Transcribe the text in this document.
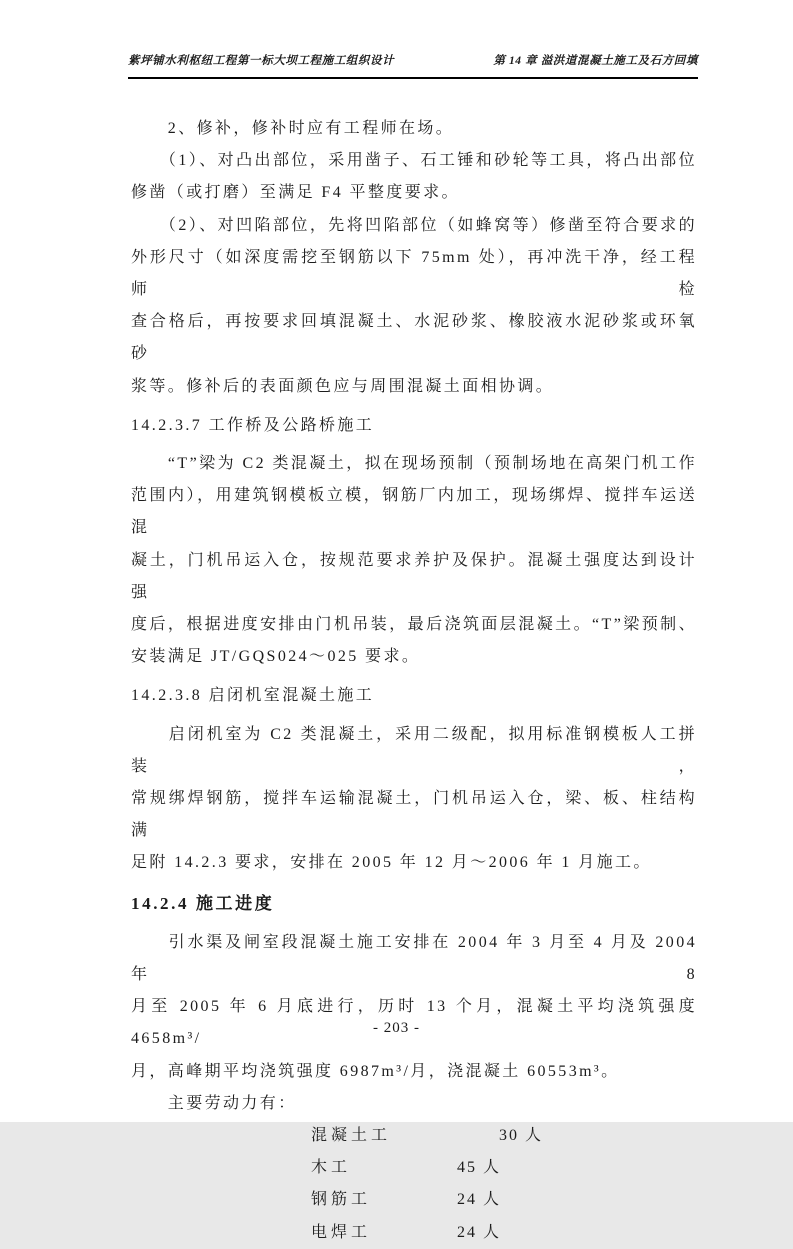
紫坪铺水利枢纽工程第一标大坝工程施工组织设计	第 14 章 溢洪道混凝土施工及石方回填
　　2、修补，修补时应有工程师在场。
　　（1）、对凸出部位，采用凿子、石工锤和砂轮等工具，将凸出部位
修凿（或打磨）至满足 F4 平整度要求。
　　（2）、对凹陷部位，先将凹陷部位（如蜂窝等）修凿至符合要求的
外形尺寸（如深度需挖至钢筋以下 75mm 处），再冲洗干净，经工程师检
查合格后，再按要求回填混凝土、水泥砂浆、橡胶液水泥砂浆或环氧砂
浆等。修补后的表面颜色应与周围混凝土面相协调。
14.2.3.7 工作桥及公路桥施工
　　“T”梁为 C2 类混凝土，拟在现场预制（预制场地在高架门机工作
范围内），用建筑钢模板立模，钢筋厂内加工，现场绑焊、搅拌车运送混
凝土，门机吊运入仓，按规范要求养护及保护。混凝土强度达到设计强
度后，根据进度安排由门机吊装，最后浇筑面层混凝土。“T”梁预制、
安装满足 JT/GQS024～025 要求。
14.2.3.8 启闭机室混凝土施工
　　启闭机室为 C2 类混凝土，采用二级配，拟用标准钢模板人工拼装，
常规绑焊钢筋，搅拌车运输混凝土，门机吊运入仓，梁、板、柱结构满
足附 14.2.3 要求，安排在 2005 年 12 月～2006 年 1 月施工。
14.2.4 施工进度
　　引水渠及闸室段混凝土施工安排在 2004 年 3 月至 4 月及 2004 年 8
月至 2005 年 6 月底进行，历时 13 个月，混凝土平均浇筑强度 4658m³/
月，高峰期平均浇筑强度 6987m³/月，浇混凝土 60553m³。
　　主要劳动力有：
混凝土工	30 人
木工	45 人
钢筋工	24 人
电焊工	24 人
- 203 -
